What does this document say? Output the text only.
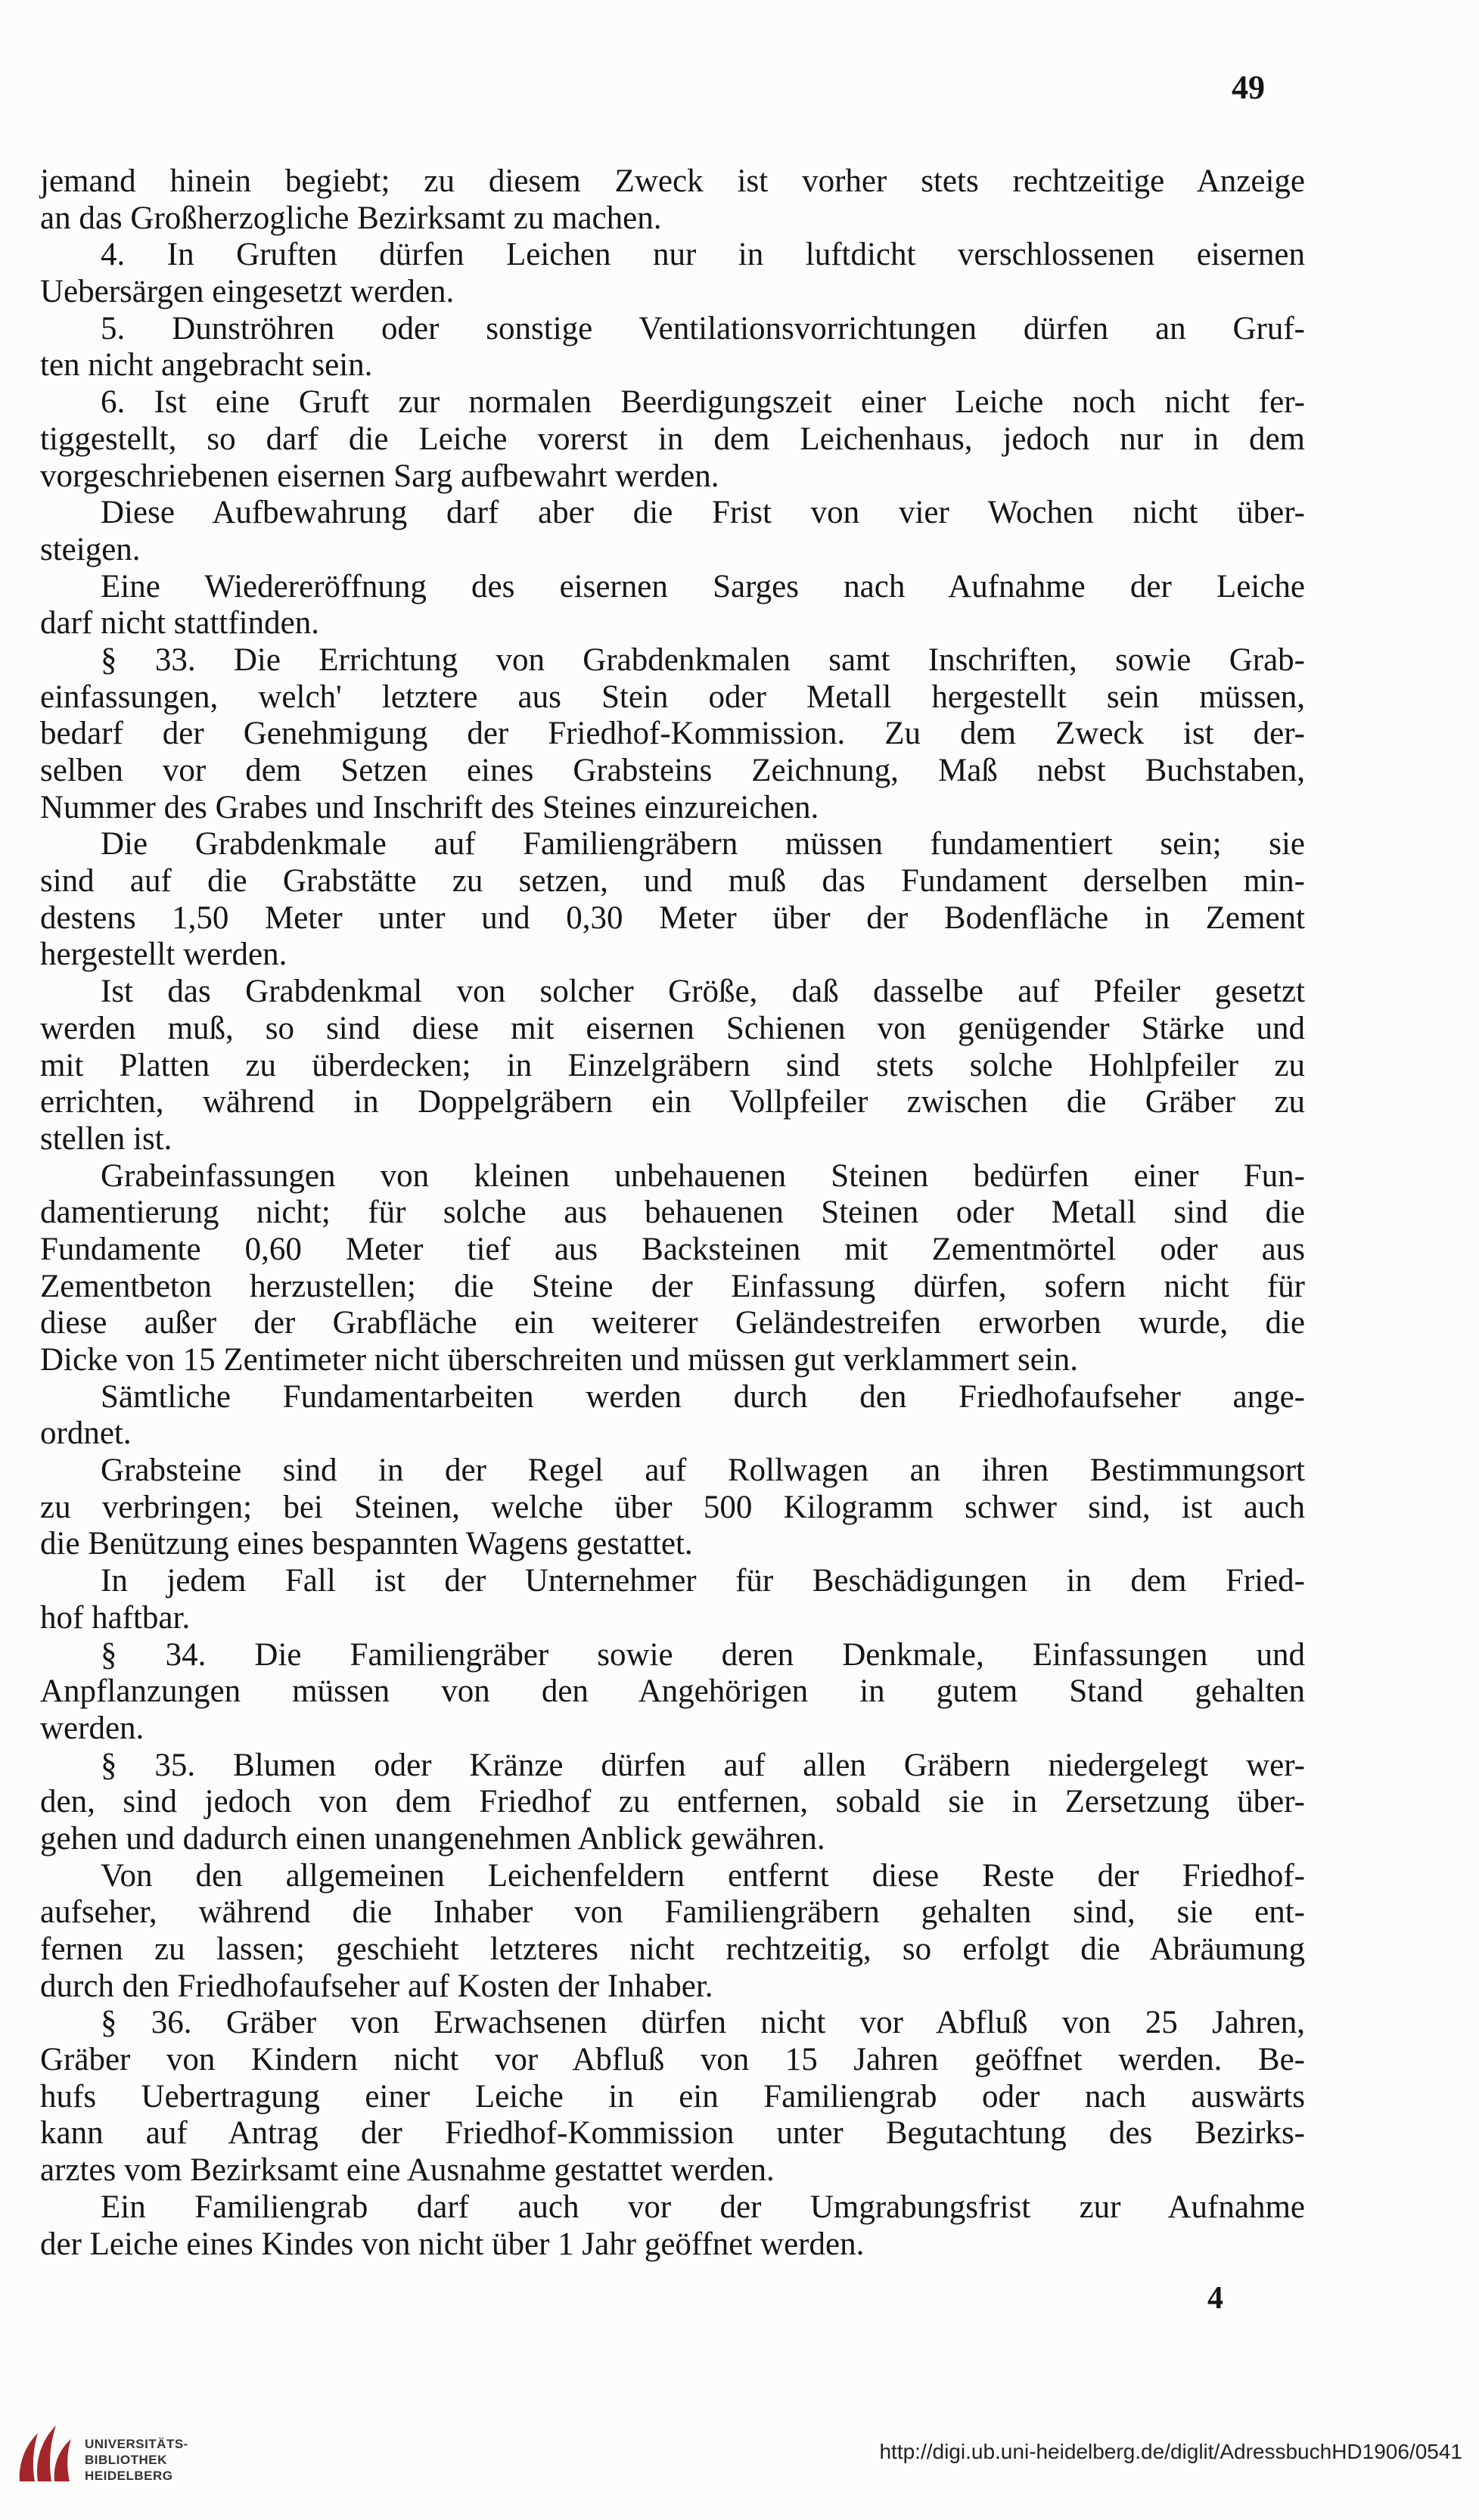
49
jemand hinein begiebt; zu diesem Zweck ist vorher stets rechtzeitige Anzeige
an das Großherzogliche Bezirksamt zu machen.
4. In Gruften dürfen Leichen nur in luftdicht verschlossenen eisernen
Uebersärgen eingesetzt werden.
5. Dunströhren oder sonstige Ventilationsvorrichtungen dürfen an Gruf-
ten nicht angebracht sein.
6. Ist eine Gruft zur normalen Beerdigungszeit einer Leiche noch nicht fer-
tiggestellt, so darf die Leiche vorerst in dem Leichenhaus, jedoch nur in dem
vorgeschriebenen eisernen Sarg aufbewahrt werden.
Diese Aufbewahrung darf aber die Frist von vier Wochen nicht über-
steigen.
Eine Wiedereröffnung des eisernen Sarges nach Aufnahme der Leiche
darf nicht stattfinden.
§ 33. Die Errichtung von Grabdenkmalen samt Inschriften, sowie Grab-
einfassungen, welch' letztere aus Stein oder Metall hergestellt sein müssen,
bedarf der Genehmigung der Friedhof-Kommission. Zu dem Zweck ist der-
selben vor dem Setzen eines Grabsteins Zeichnung, Maß nebst Buchstaben,
Nummer des Grabes und Inschrift des Steines einzureichen.
Die Grabdenkmale auf Familiengräbern müssen fundamentiert sein; sie
sind auf die Grabstätte zu setzen, und muß das Fundament derselben min-
destens 1,50 Meter unter und 0,30 Meter über der Bodenfläche in Zement
hergestellt werden.
Ist das Grabdenkmal von solcher Größe, daß dasselbe auf Pfeiler gesetzt
werden muß, so sind diese mit eisernen Schienen von genügender Stärke und
mit Platten zu überdecken; in Einzelgräbern sind stets solche Hohlpfeiler zu
errichten, während in Doppelgräbern ein Vollpfeiler zwischen die Gräber zu
stellen ist.
Grabeinfassungen von kleinen unbehauenen Steinen bedürfen einer Fun-
damentierung nicht; für solche aus behauenen Steinen oder Metall sind die
Fundamente 0,60 Meter tief aus Backsteinen mit Zementmörtel oder aus
Zementbeton herzustellen; die Steine der Einfassung dürfen, sofern nicht für
diese außer der Grabfläche ein weiterer Geländestreifen erworben wurde, die
Dicke von 15 Zentimeter nicht überschreiten und müssen gut verklammert sein.
Sämtliche Fundamentarbeiten werden durch den Friedhofaufseher ange-
ordnet.
Grabsteine sind in der Regel auf Rollwagen an ihren Bestimmungsort
zu verbringen; bei Steinen, welche über 500 Kilogramm schwer sind, ist auch
die Benützung eines bespannten Wagens gestattet.
In jedem Fall ist der Unternehmer für Beschädigungen in dem Fried-
hof haftbar.
§ 34. Die Familiengräber sowie deren Denkmale, Einfassungen und
Anpflanzungen müssen von den Angehörigen in gutem Stand gehalten
werden.
§ 35. Blumen oder Kränze dürfen auf allen Gräbern niedergelegt wer-
den, sind jedoch von dem Friedhof zu entfernen, sobald sie in Zersetzung über-
gehen und dadurch einen unangenehmen Anblick gewähren.
Von den allgemeinen Leichenfeldern entfernt diese Reste der Friedhof-
aufseher, während die Inhaber von Familiengräbern gehalten sind, sie ent-
fernen zu lassen; geschieht letzteres nicht rechtzeitig, so erfolgt die Abräumung
durch den Friedhofaufseher auf Kosten der Inhaber.
§ 36. Gräber von Erwachsenen dürfen nicht vor Abfluß von 25 Jahren,
Gräber von Kindern nicht vor Abfluß von 15 Jahren geöffnet werden. Be-
hufs Uebertragung einer Leiche in ein Familiengrab oder nach auswärts
kann auf Antrag der Friedhof-Kommission unter Begutachtung des Bezirks-
arztes vom Bezirksamt eine Ausnahme gestattet werden.
Ein Familiengrab darf auch vor der Umgrabungsfrist zur Aufnahme
der Leiche eines Kindes von nicht über 1 Jahr geöffnet werden.
4
UNIVERSITÄTS-
BIBLIOTHEK
HEIDELBERG
http://digi.ub.uni-heidelberg.de/diglit/AdressbuchHD1906/0541
